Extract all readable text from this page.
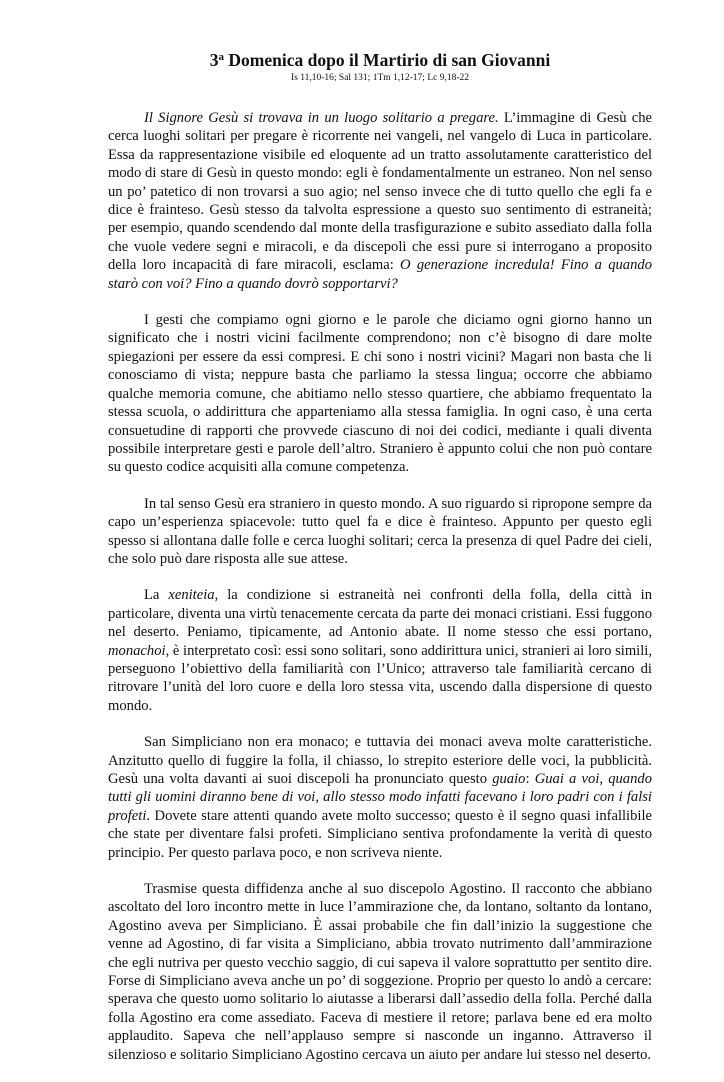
3$^a$ Domenica dopo il Martirio di san Giovanni
Is 11,10-16; Sal 131; 1Tm 1,12-17; Lc 9,18-22

Il Signore Gesù si trovava in un luogo solitario a pregare. L’immagine di Gesù che cerca luoghi solitari per pregare è ricorrente nei vangeli, nel vangelo di Luca in particolare. Essa da rappresentazione visibile ed eloquente ad un tratto assolutamente caratteristico del modo di stare di Gesù in questo mondo: egli è fondamentalmente un estraneo. Non nel senso un po’ patetico di non trovarsi a suo agio; nel senso invece che di tutto quello che egli fa e dice è frainteso. Gesù stesso da talvolta espressione a questo suo sentimento di estraneità; per esempio, quando scendendo dal monte della trasfigurazione e subito assediato dalla folla che vuole vedere segni e miracoli, e da discepoli che essi pure si interrogano a proposito della loro incapacità di fare miracoli, esclama: O generazione incredula! Fino a quando starò con voi? Fino a quando dovrò sopportarvi?

I gesti che compiamo ogni giorno e le parole che diciamo ogni giorno hanno un significato che i nostri vicini facilmente comprendono; non c’è bisogno di dare molte spiegazioni per essere da essi compresi. E chi sono i nostri vicini? Magari non basta che li conosciamo di vista; neppure basta che parliamo la stessa lingua; occorre che abbiamo qualche memoria comune, che abitiamo nello stesso quartiere, che abbiamo frequentato la stessa scuola, o addirittura che apparteniamo alla stessa famiglia. In ogni caso, è una certa consuetudine di rapporti che provvede ciascuno di noi dei codici, mediante i quali diventa possibile interpretare gesti e parole dell’altro. Straniero è appunto colui che non può contare su questo codice acquisiti alla comune competenza.

In tal senso Gesù era straniero in questo mondo. A suo riguardo si ripropone sempre da capo un’esperienza spiacevole: tutto quel fa e dice è frainteso. Appunto per questo egli spesso si allontana dalle folle e cerca luoghi solitari; cerca la presenza di quel Padre dei cieli, che solo può dare risposta alle sue attese.

La xeniteia, la condizione si estraneità nei confronti della folla, della città in particolare, diventa una virtù tenacemente cercata da parte dei monaci cristiani. Essi fuggono nel deserto. Peniamo, tipicamente, ad Antonio abate. Il nome stesso che essi portano, monachoi, è interpretato così: essi sono solitari, sono addirittura unici, stranieri ai loro simili, perseguono l’obiettivo della familiarità con l’Unico; attraverso tale familiarità cercano di ritrovare l’unità del loro cuore e della loro stessa vita, uscendo dalla dispersione di questo mondo.

San Simpliciano non era monaco; e tuttavia dei monaci aveva molte caratteristiche. Anzitutto quello di fuggire la folla, il chiasso, lo strepito esteriore delle voci, la pubblicità. Gesù una volta davanti ai suoi discepoli ha pronunciato questo guaio: Guai a voi, quando tutti gli uomini diranno bene di voi, allo stesso modo infatti facevano i loro padri con i falsi profeti. Dovete stare attenti quando avete molto successo; questo è il segno quasi infallibile che state per diventare falsi profeti. Simpliciano sentiva profondamente la verità di questo principio. Per questo parlava poco, e non scriveva niente.

Trasmise questa diffidenza anche al suo discepolo Agostino. Il racconto che abbiano ascoltato del loro incontro mette in luce l’ammirazione che, da lontano, soltanto da lontano, Agostino aveva per Simpliciano. È assai probabile che fin dall’inizio la suggestione che venne ad Agostino, di far visita a Simpliciano, abbia trovato nutrimento dall’ammirazione che egli nutriva per questo vecchio saggio, di cui sapeva il valore soprattutto per sentito dire. Forse di Simpliciano aveva anche un po’ di soggezione. Proprio per questo lo andò a cercare: sperava che questo uomo solitario lo aiutasse a liberarsi dall’assedio della folla. Perché dalla folla Agostino era come assediato. Faceva di mestiere il retore; parlava bene ed era molto applaudito. Sapeva che nell’applauso sempre si nasconde un inganno. Attraverso il silenzioso e solitario Simpliciano Agostino cercava un aiuto per andare lui stesso nel deserto.
